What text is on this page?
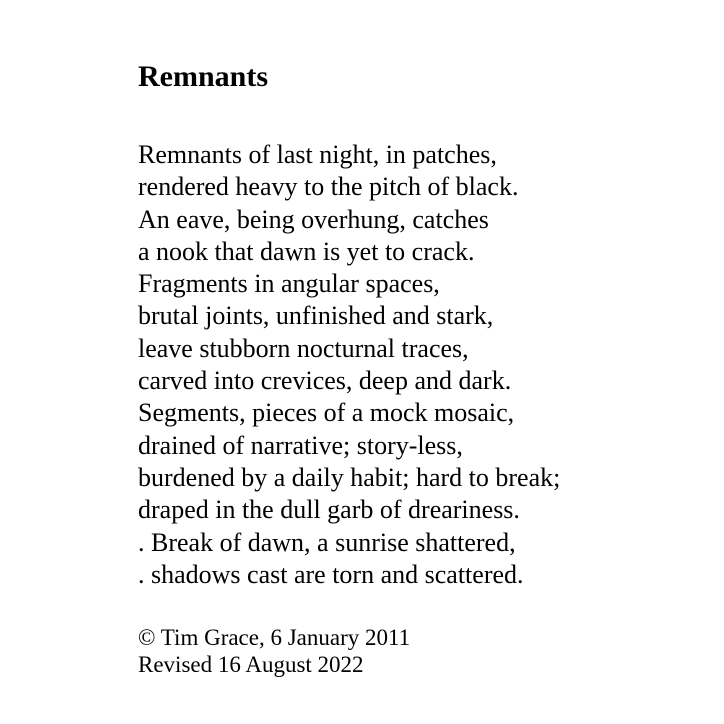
Remnants
Remnants of last night, in patches,
rendered heavy to the pitch of black.
An eave, being overhung, catches
a nook that dawn is yet to crack.
Fragments in angular spaces,
brutal joints, unfinished and stark,
leave stubborn nocturnal traces,
carved into crevices, deep and dark.
Segments, pieces of a mock mosaic,
drained of narrative; story-less,
burdened by a daily habit; hard to break;
draped in the dull garb of dreariness.
. Break of dawn, a sunrise shattered,
. shadows cast are torn and scattered.
© Tim Grace, 6 January 2011
Revised 16 August 2022
